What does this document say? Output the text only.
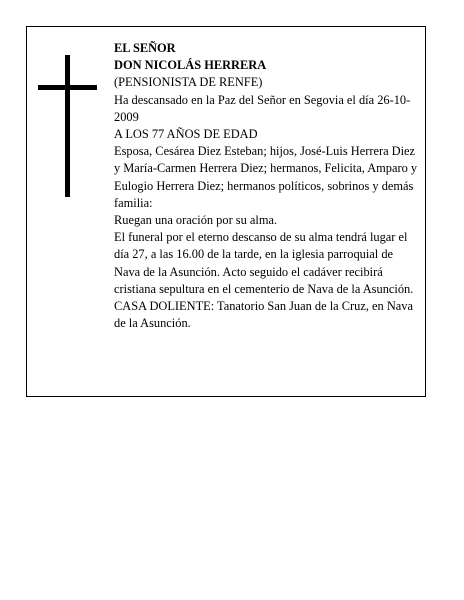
EL SEÑOR

DON NICOLÁS HERRERA

(PENSIONISTA DE RENFE)

Ha descansado en la Paz del Señor en Segovia el día 26-10-2009

A LOS 77 AÑOS DE EDAD

Esposa, Cesárea Diez Esteban; hijos, José-Luis Herrera Diez y María-Carmen Herrera Diez; hermanos, Felicita, Amparo y Eulogio Herrera Diez; hermanos políticos, sobrinos y demás familia:

Ruegan una oración por su alma.

El funeral por el eterno descanso de su alma tendrá lugar el día 27, a las 16.00 de la tarde, en la iglesia parroquial de Nava de la Asunción. Acto seguido el cadáver recibirá cristiana sepultura en el cementerio de Nava de la Asunción.

CASA DOLIENTE: Tanatorio San Juan de la Cruz, en Nava de la Asunción.
